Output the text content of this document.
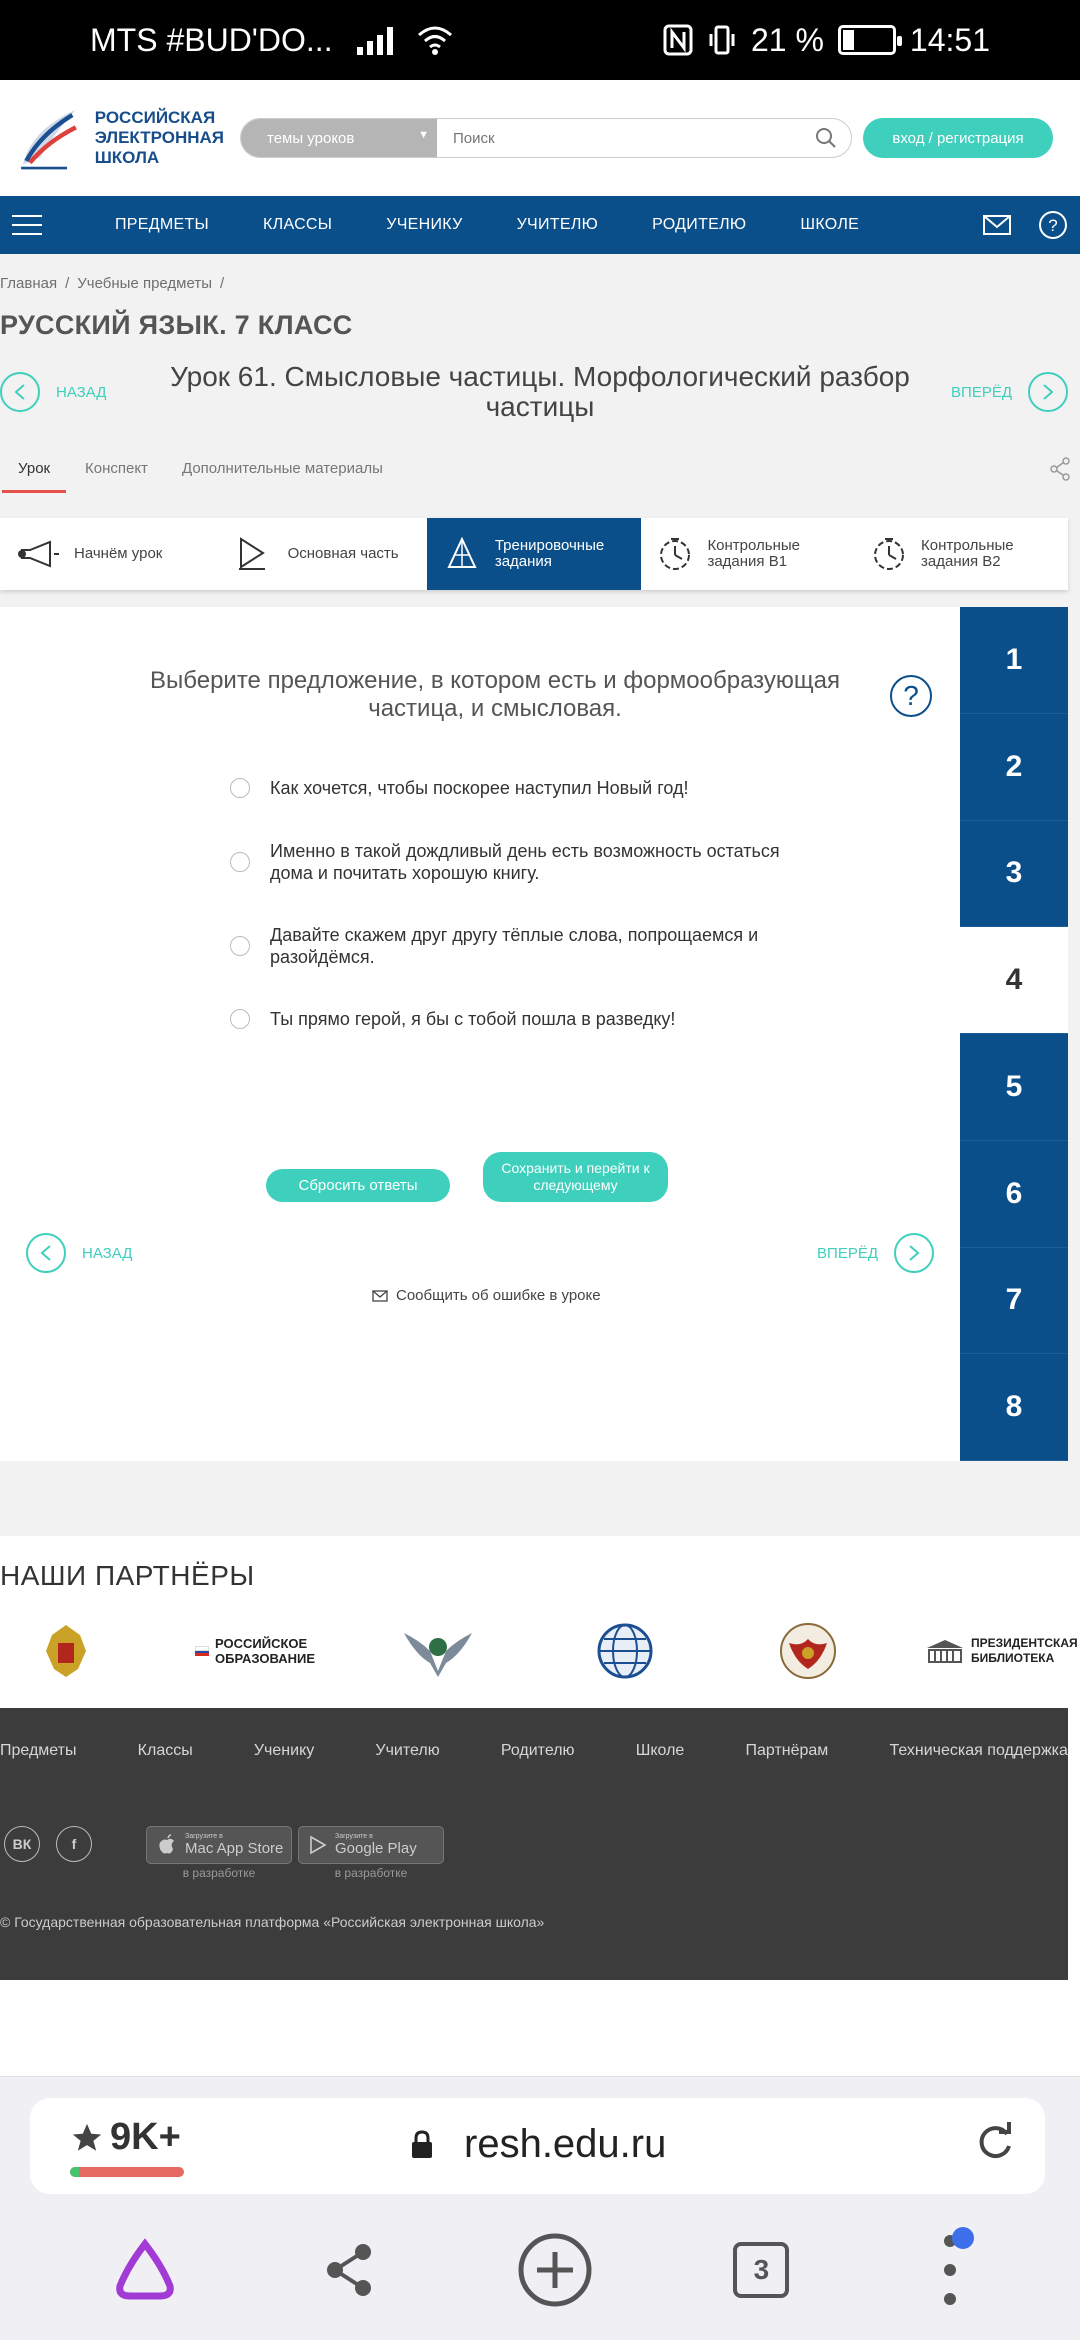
MTS #BUD'DO...	21 %	14:51
РОССИЙСКАЯ
ЭЛЕКТРОННАЯ
ШКОЛА
темы уроков	▼
Поиск	вход / регистрация
ПРЕДМЕТЫ	КЛАССЫ	УЧЕНИКУ	УЧИТЕЛЮ	РОДИТЕЛЮ	ШКОЛЕ	?
Главная / Учебные предметы /
РУССКИЙ ЯЗЫК. 7 КЛАСС
НАЗАД	Урок 61. Смысловые частицы. Морфологический разбор частицы	ВПЕРЁД
Урок Конспект Дополнительные материалы
Начнём урок	Основная часть	Тренировочные задания
Контрольные задания В1
Контрольные задания В2
Выберите предложение, в котором есть и формообразующая частица, и смысловая.	?
Как хочется, чтобы поскорее наступил Новый год!
Именно в такой дождливый день есть возможность остаться дома и почитать хорошую книгу.
Давайте скажем друг другу тёплые слова, попрощаемся и разойдёмся.
Ты прямо герой, я бы с тобой пошла в разведку!
Сбросить ответы
Сохранить и перейти к следующему
НАЗАД	ВПЕРЁД
Сообщить об ошибке в уроке
1
2
3
4
5
6
7
8
НАШИ ПАРТНЁРЫ
РОССИЙСКОЕ ОБРАЗОВАНИЕ
ПРЕЗИДЕНТСКАЯ БИБЛИОТЕКА
Предметы	Классы	Ученику	Учителю	Родителю	Школе	Партнёрам	Техническая поддержка
ВК	f	Загрузите в
Mac App Store
в разработке
Загрузите в
Google Play
в разработке
© Государственная образовательная платформа «Российская электронная школа»
9K+	resh.edu.ru
3
